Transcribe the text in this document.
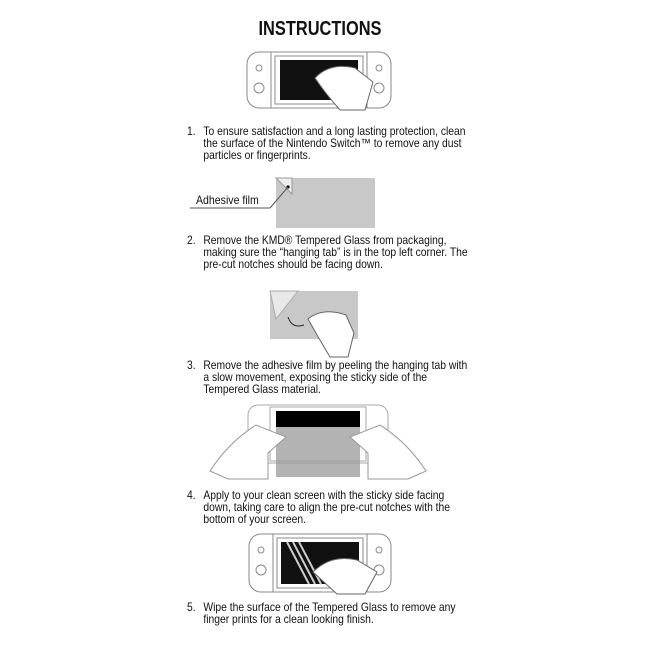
INSTRUCTIONS
1. To ensure satisfaction and a long lasting protection, clean the surface of the Nintendo Switch™ to remove any dust particles or fingerprints.
Adhesive film
2. Remove the KMD® Tempered Glass from packaging, making sure the “hanging tab” is in the top left corner. The pre-cut notches should be facing down.
3. Remove the adhesive film by peeling the hanging tab with a slow movement, exposing the sticky side of the Tempered Glass material.
4. Apply to your clean screen with the sticky side facing down, taking care to align the pre-cut notches with the bottom of your screen.
5. Wipe the surface of the Tempered Glass to remove any finger prints for a clean looking finish.
